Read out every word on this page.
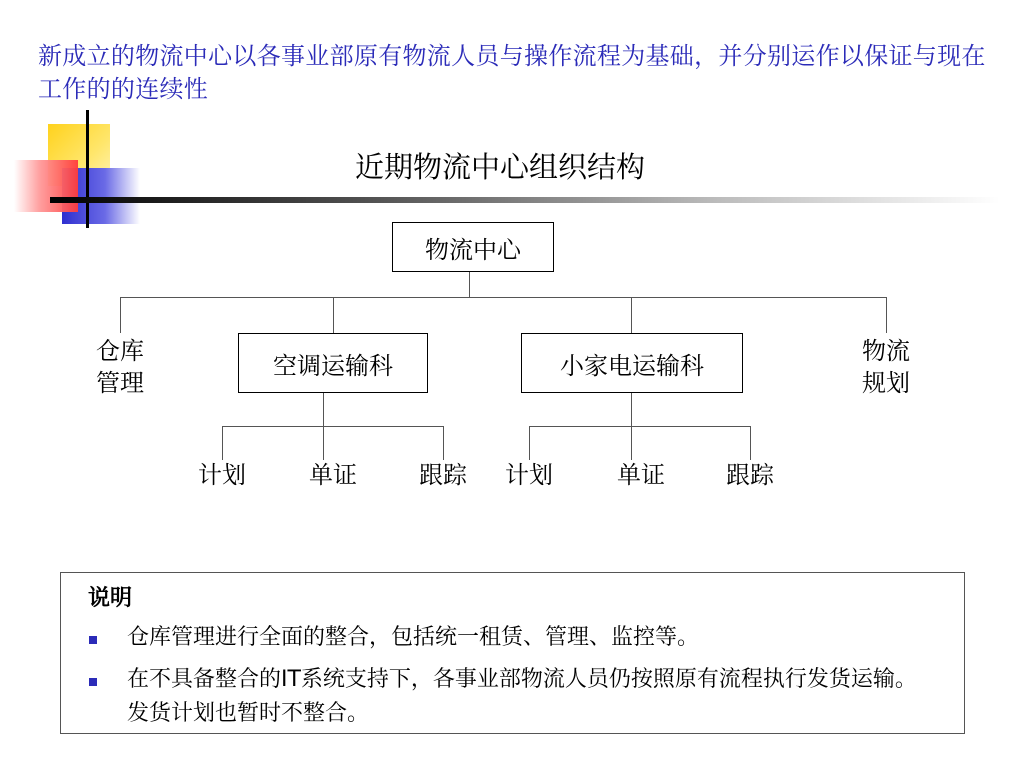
新成立的物流中心以各事业部原有物流人员与操作流程为基础，并分别运作以保证与现在工作的的连续性
近期物流中心组织结构
物流中心
仓库
管理
物流
规划
空调运输科
计划	单证	跟踪
小家电运输科
计划	单证	跟踪
说明
仓库管理进行全面的整合，包括统一租赁、管理、监控等。
在不具备整合的IT系统支持下，各事业部物流人员仍按照原有流程执行发货运输。发货计划也暂时不整合。
